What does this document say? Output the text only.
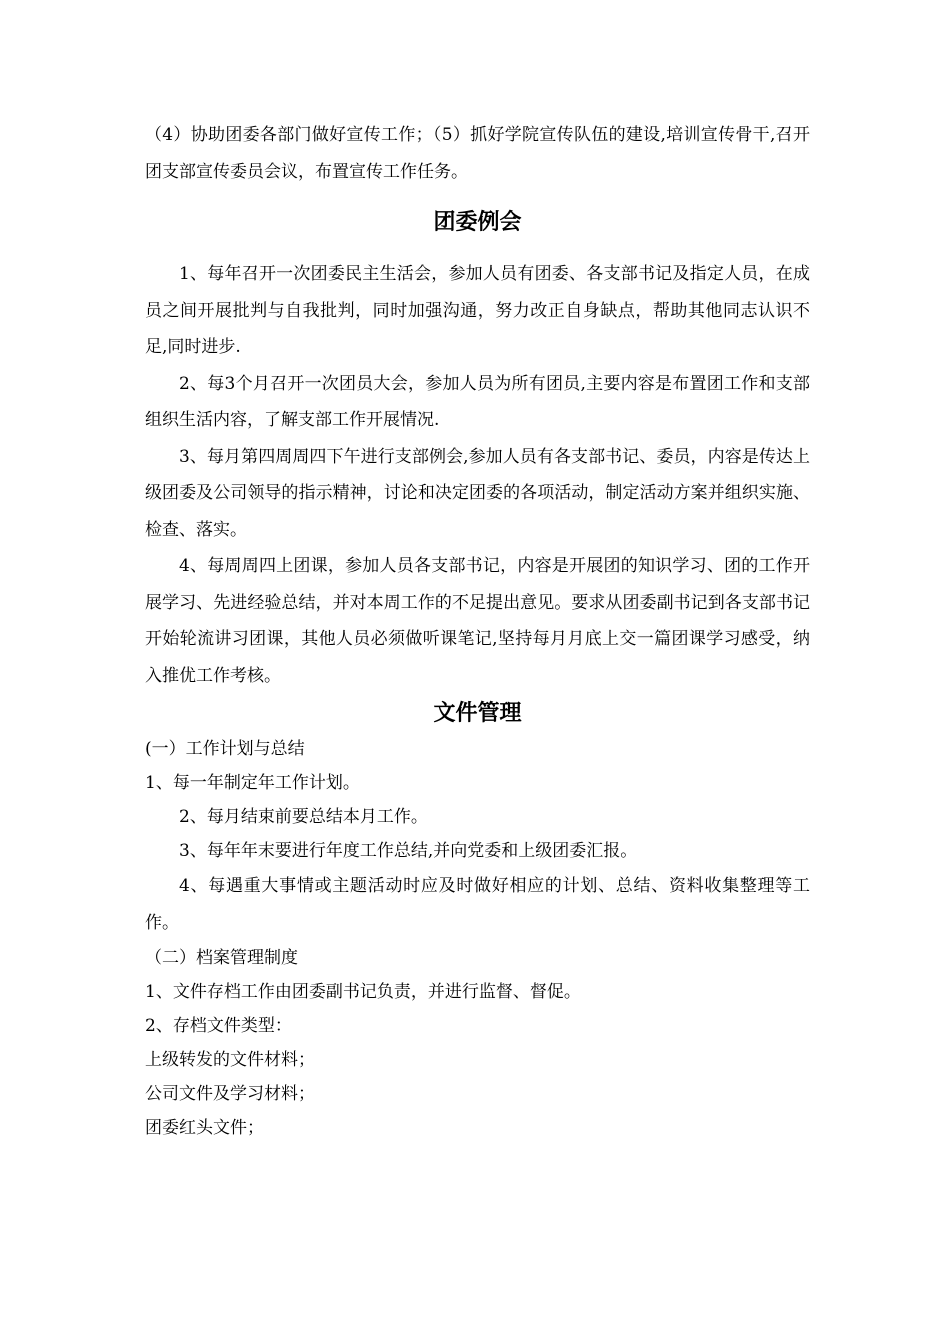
（4）协助团委各部门做好宣传工作；（5）抓好学院宣传队伍的建设,培训宣传骨干,召开团支部宣传委员会议，布置宣传工作任务。

团委例会

1、每年召开一次团委民主生活会，参加人员有团委、各支部书记及指定人员，在成员之间开展批判与自我批判，同时加强沟通，努力改正自身缺点，帮助其他同志认识不足,同时进步.

2、每3个月召开一次团员大会，参加人员为所有团员,主要内容是布置团工作和支部组织生活内容，了解支部工作开展情况.

3、每月第四周周四下午进行支部例会,参加人员有各支部书记、委员，内容是传达上级团委及公司领导的指示精神，讨论和决定团委的各项活动，制定活动方案并组织实施、检查、落实。

4、每周周四上团课，参加人员各支部书记，内容是开展团的知识学习、团的工作开展学习、先进经验总结，并对本周工作的不足提出意见。要求从团委副书记到各支部书记开始轮流讲习团课，其他人员必须做听课笔记,坚持每月月底上交一篇团课学习感受，纳入推优工作考核。

文件管理

(一）工作计划与总结

1、每一年制定年工作计划。

2、每月结束前要总结本月工作。

3、每年年末要进行年度工作总结,并向党委和上级团委汇报。

4、每遇重大事情或主题活动时应及时做好相应的计划、总结、资料收集整理等工作。

（二）档案管理制度

1、文件存档工作由团委副书记负责，并进行监督、督促。

2、存档文件类型：

上级转发的文件材料；

公司文件及学习材料；

团委红头文件；
